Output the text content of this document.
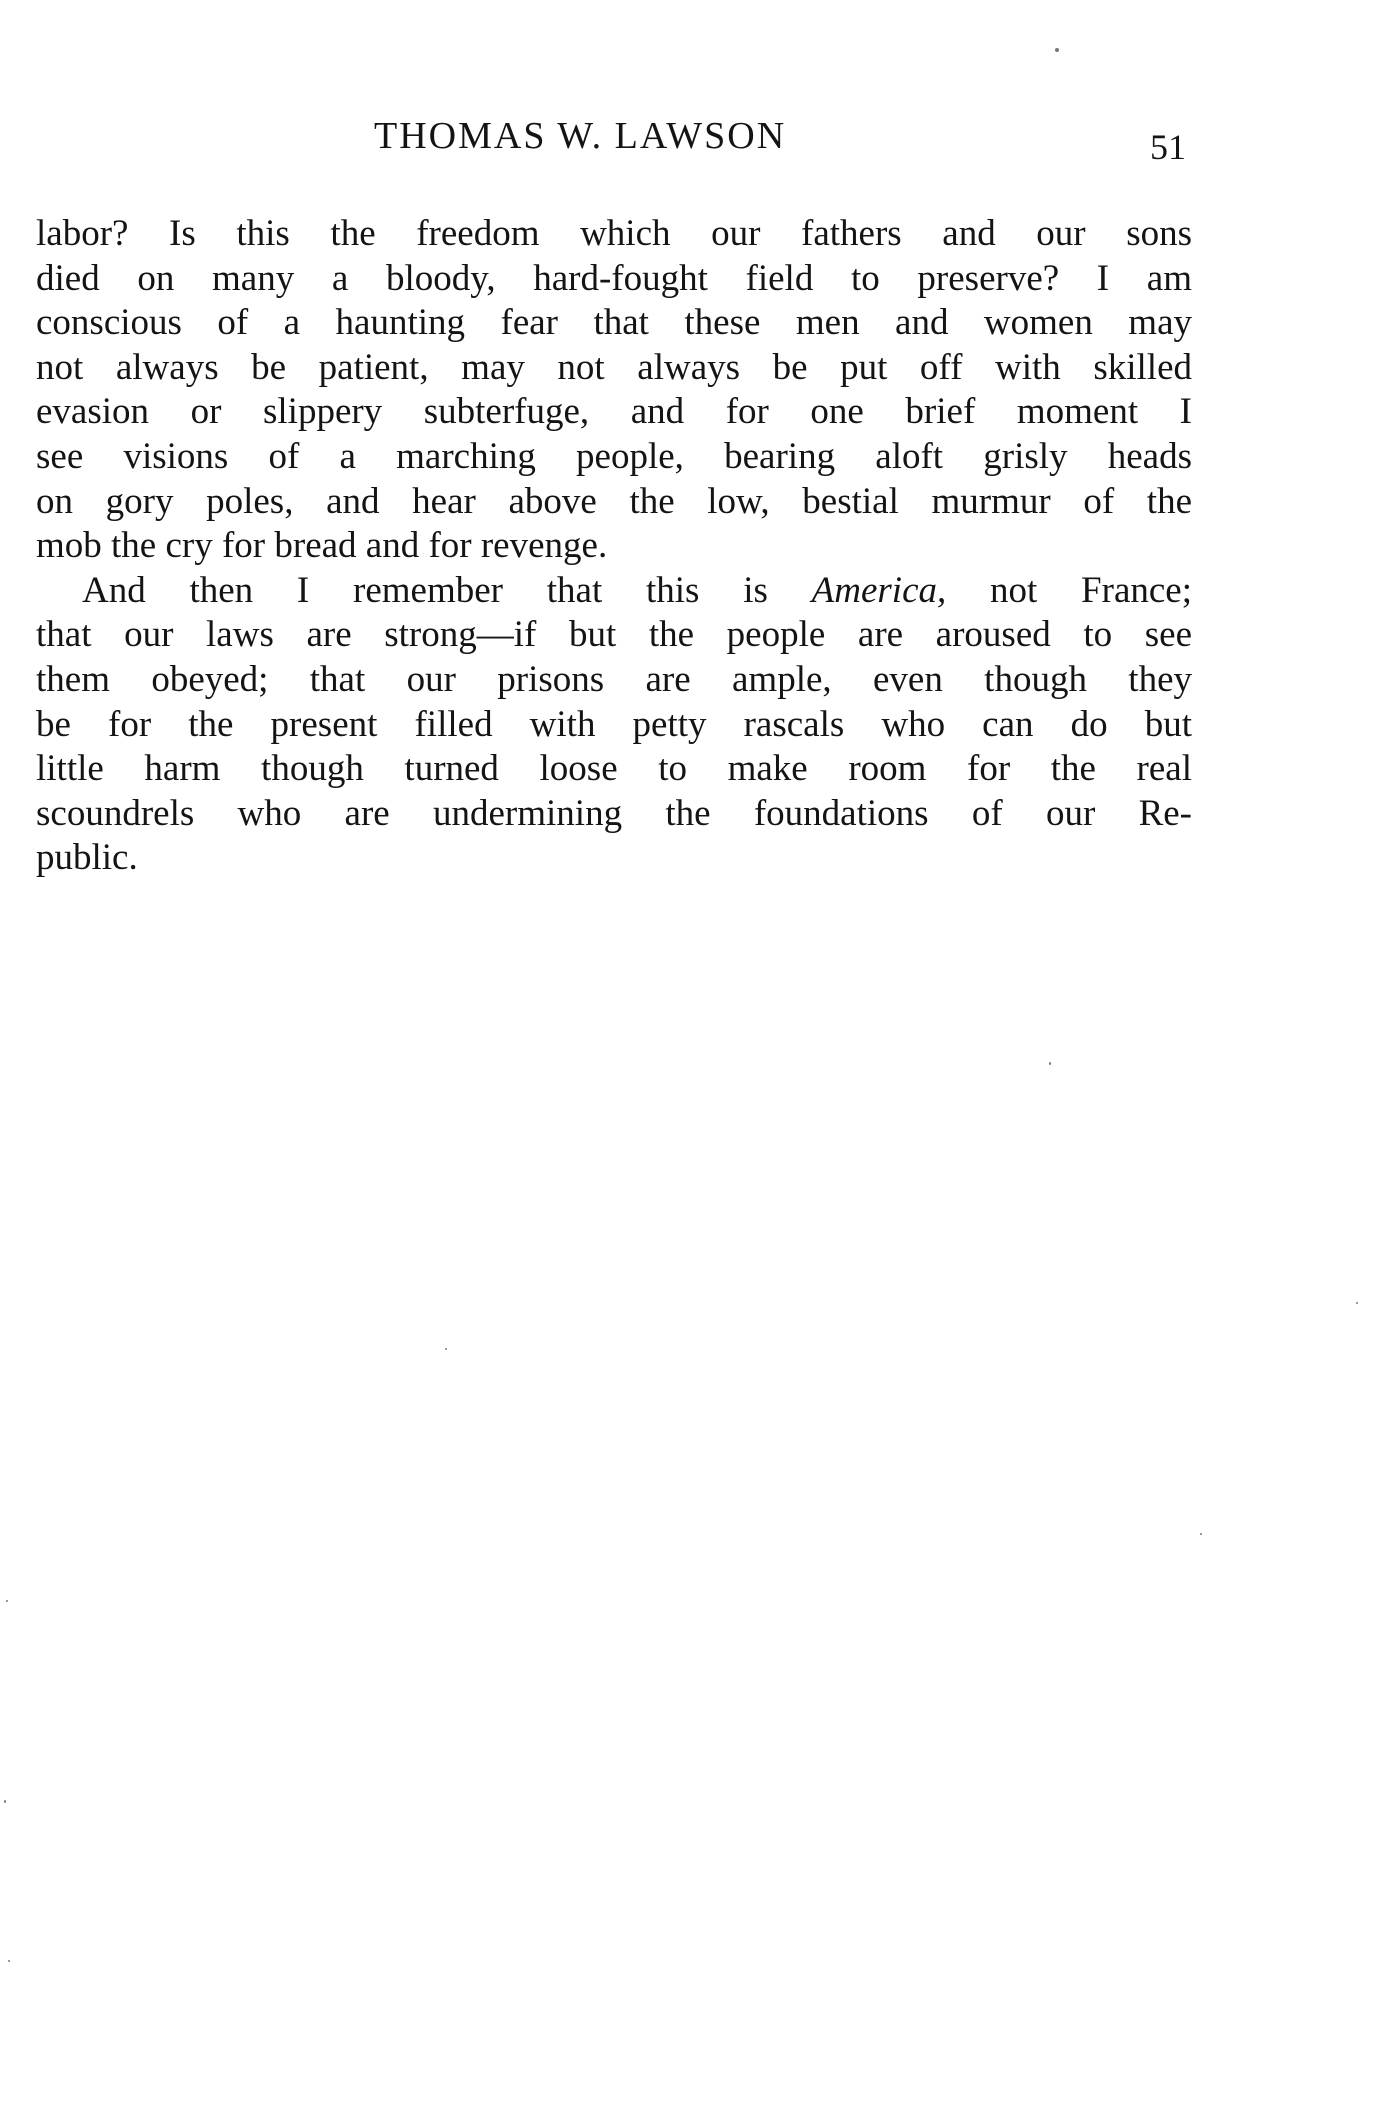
THOMAS W. LAWSON	51
labor? Is this the freedom which our fathers and our sons
died on many a bloody, hard-fought field to preserve? I am
conscious of a haunting fear that these men and women may
not always be patient, may not always be put off with skilled
evasion or slippery subterfuge, and for one brief moment I
see visions of a marching people, bearing aloft grisly heads
on gory poles, and hear above the low, bestial murmur of the
mob the cry for bread and for revenge.
And then I remember that this is America, not France;
that our laws are strong—if but the people are aroused to see
them obeyed; that our prisons are ample, even though they
be for the present filled with petty rascals who can do but
little harm though turned loose to make room for the real
scoundrels who are undermining the foundations of our Re-
public.
